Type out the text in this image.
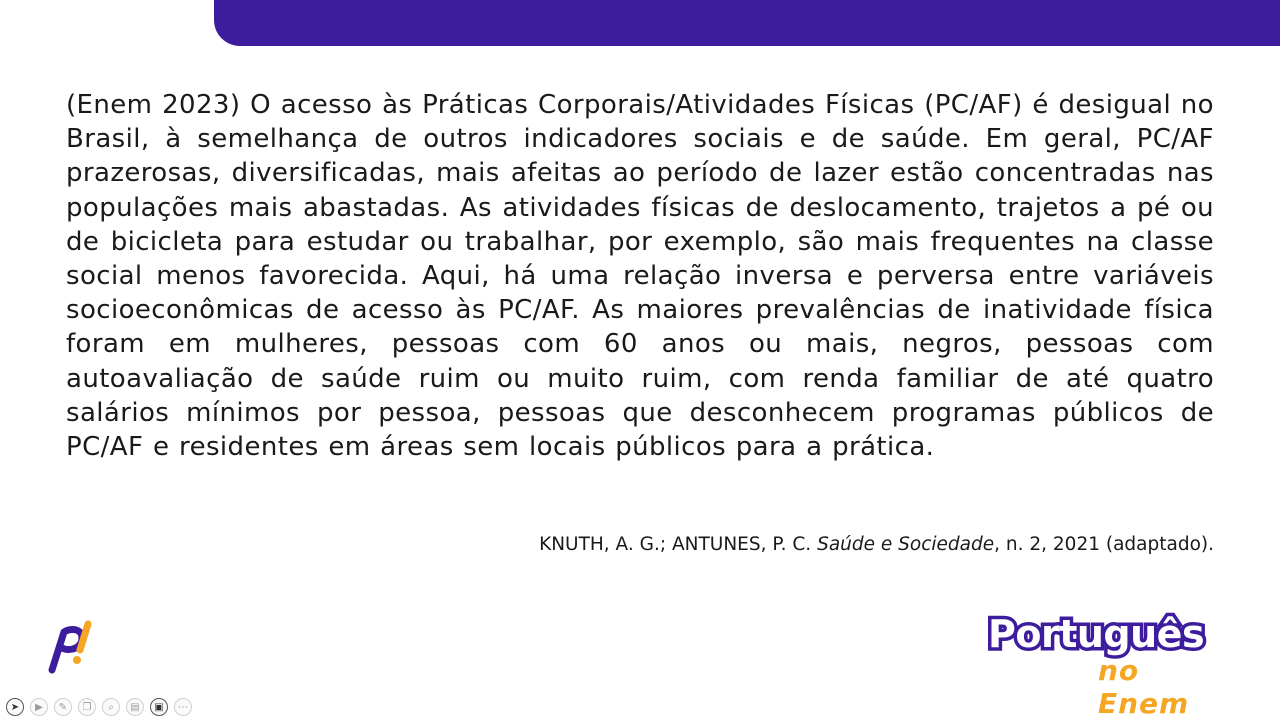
(Enem 2023) O acesso às Práticas Corporais/Atividades Físicas (PC/AF) é desigual no Brasil, à semelhança de outros indicadores sociais e de saúde. Em geral, PC/AF prazerosas, diversificadas, mais afeitas ao período de lazer estão concentradas nas populações mais abastadas. As atividades físicas de deslocamento, trajetos a pé ou de bicicleta para estudar ou trabalhar, por exemplo, são mais frequentes na classe social menos favorecida. Aqui, há uma relação inversa e perversa entre variáveis socioeconômicas de acesso às PC/AF. As maiores prevalências de inatividade física foram em mulheres, pessoas com 60 anos ou mais, negros, pessoas com autoavaliação de saúde ruim ou muito ruim, com renda familiar de até quatro salários mínimos por pessoa, pessoas que desconhecem programas públicos de PC/AF e residentes em áreas sem locais públicos para a prática.

KNUTH, A. G.; ANTUNES, P. C. Saúde e Sociedade, n. 2, 2021 (adaptado).
Português
no Enem
➤	▶	✎	❐	⌕	▤	▣	⋯
